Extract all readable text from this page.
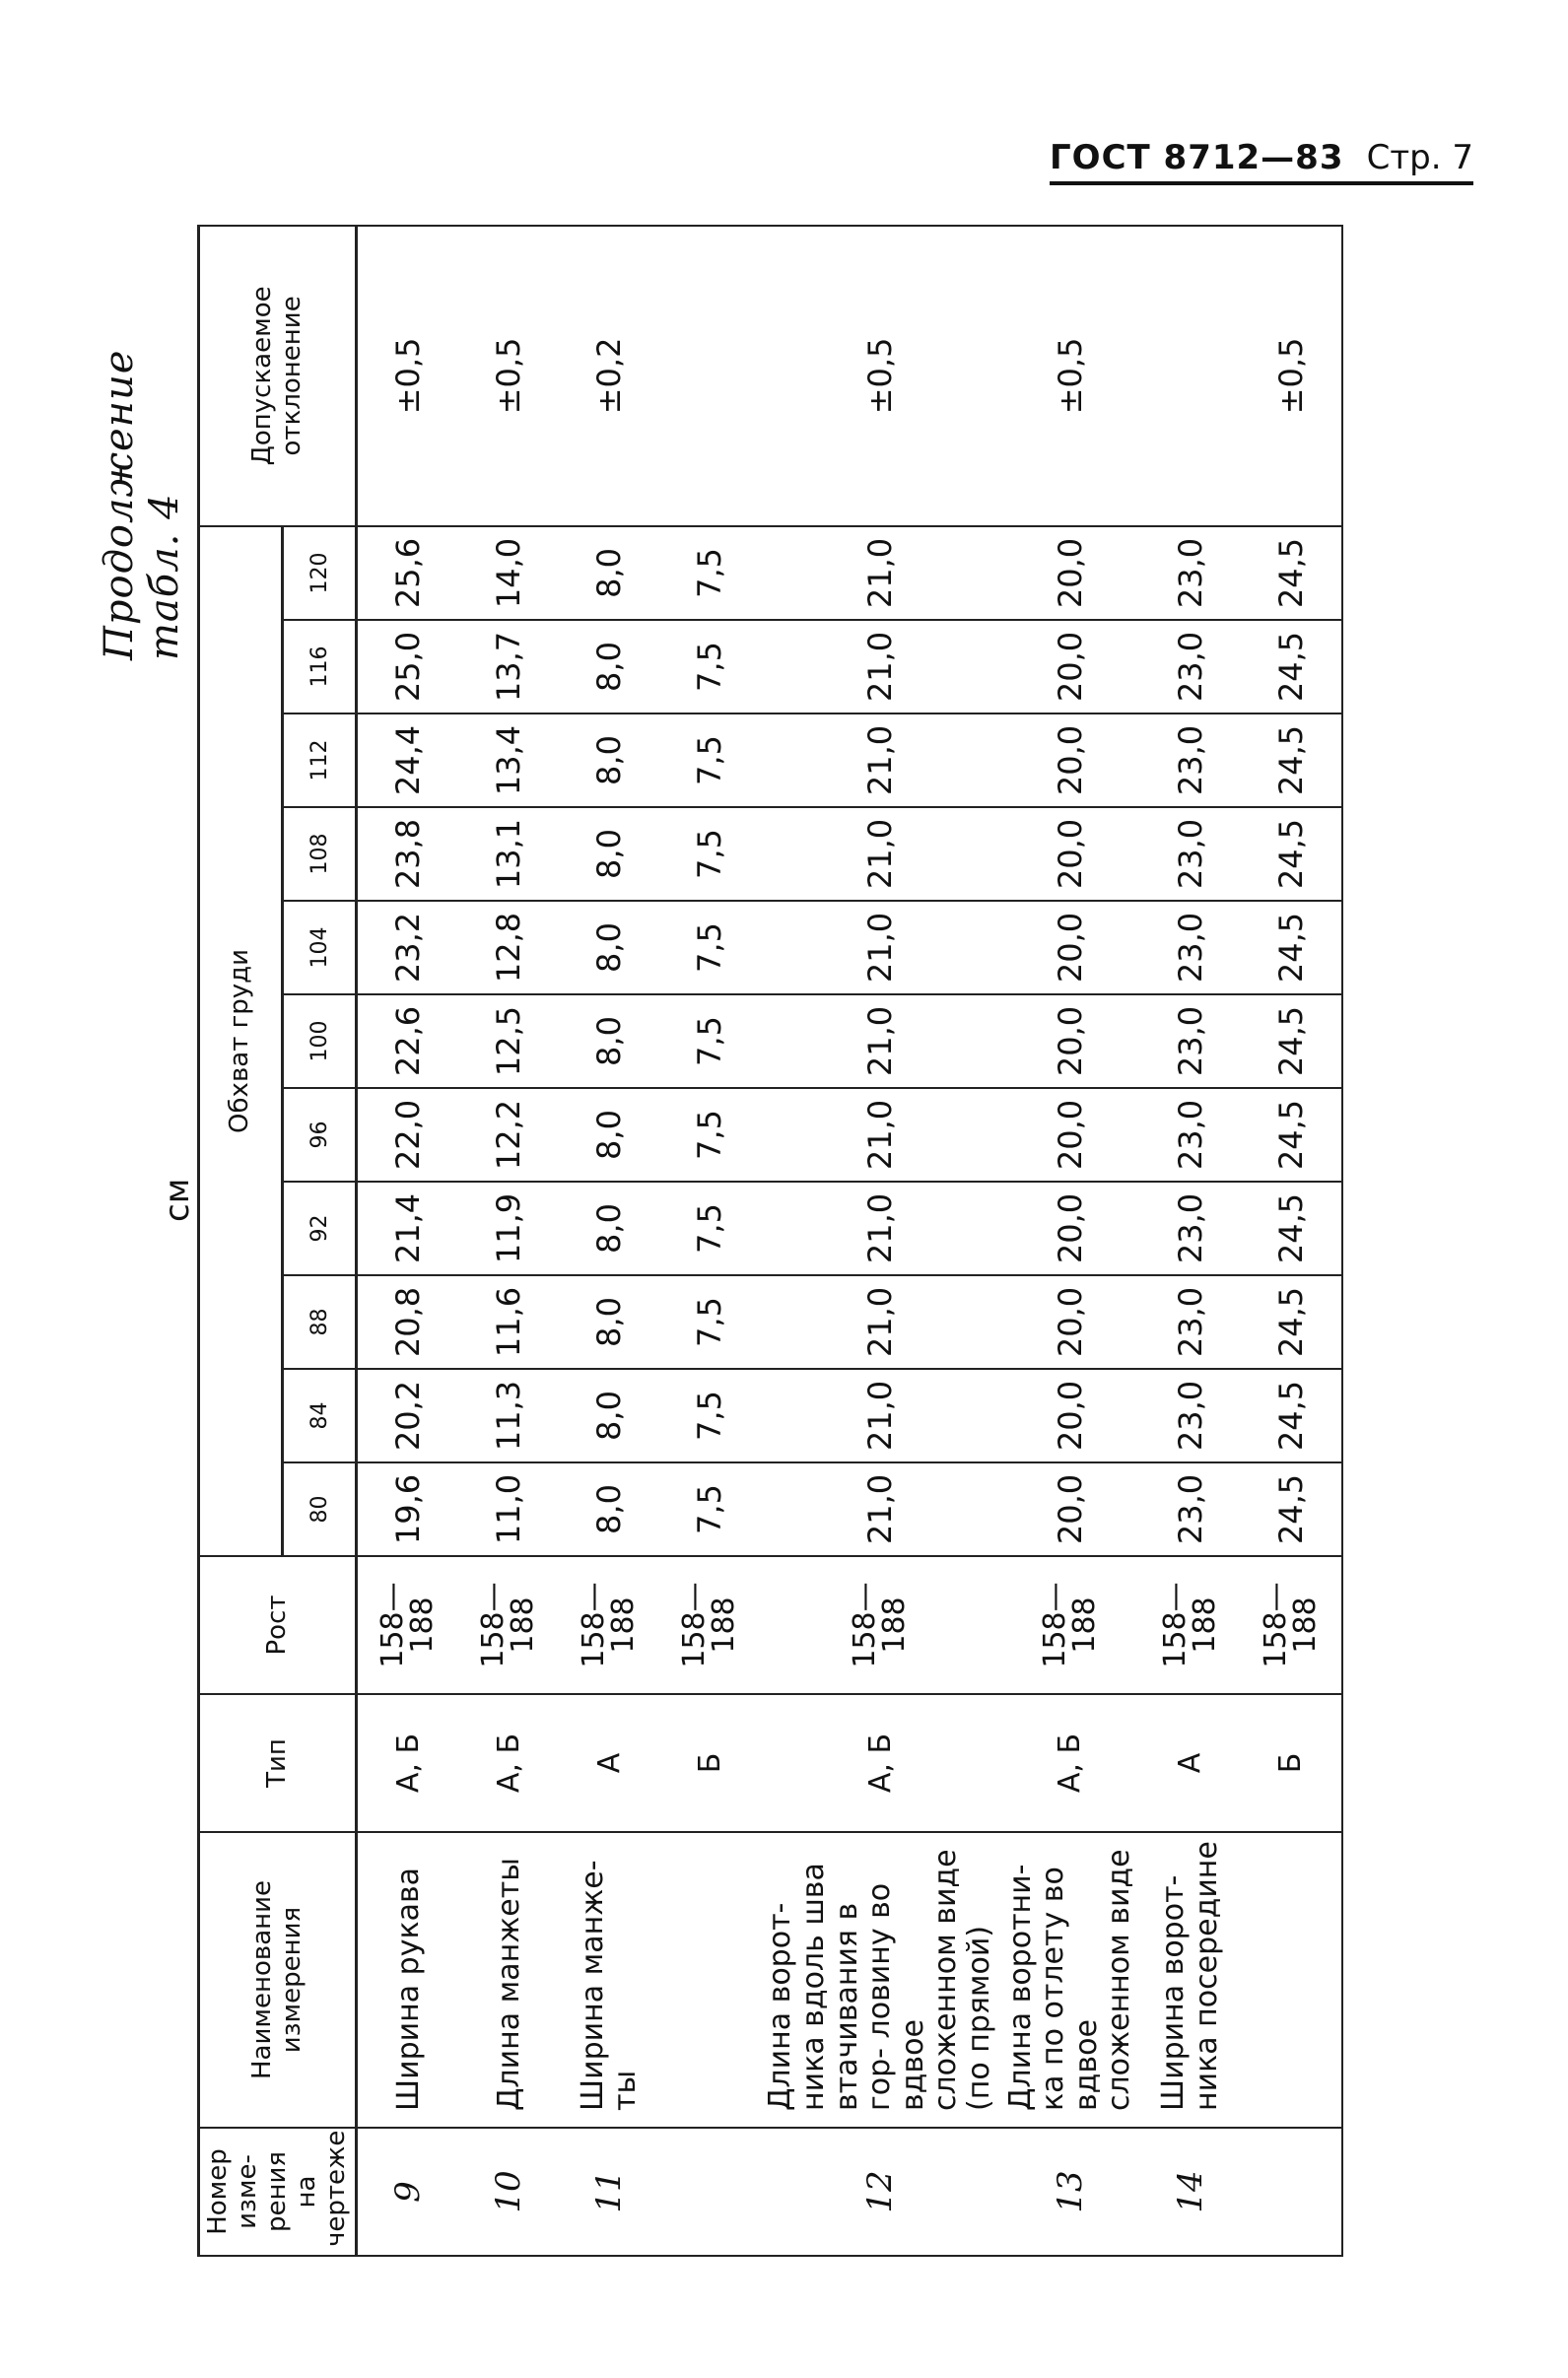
ГОСТ 8712—83 Стр. 7
Продолжение табл. 4
см
Номер изме- рения на чертеже	Наименование измерения	Тип	Рост	Обхват груди											Допускаемое отклонение
				80	84	88	92	96	100	104	108	112	116	120	
9	Ширина рукава	А, Б	158—188	19,6	20,2	20,8	21,4	22,0	22,6	23,2	23,8	24,4	25,0	25,6	±0,5
10	Длина манжеты	А, Б	158—188	11,0	11,3	11,6	11,9	12,2	12,5	12,8	13,1	13,4	13,7	14,0	±0,5
11	Ширина манже- ты	А	158—188	8,0	8,0	8,0	8,0	8,0	8,0	8,0	8,0	8,0	8,0	8,0	±0,2
		Б	158—188	7,5	7,5	7,5	7,5	7,5	7,5	7,5	7,5	7,5	7,5	7,5	
12	Длина ворот- ника вдоль шва втачивания в гор- ловину во вдвое сложенном виде (по прямой)	А, Б	158—188	21,0	21,0	21,0	21,0	21,0	21,0	21,0	21,0	21,0	21,0	21,0	±0,5
13	Длина воротни- ка по отлету во вдвое сложенном виде	А, Б	158—188	20,0	20,0	20,0	20,0	20,0	20,0	20,0	20,0	20,0	20,0	20,0	±0,5
14	Ширина ворот- ника посередине	А	158—188	23,0	23,0	23,0	23,0	23,0	23,0	23,0	23,0	23,0	23,0	23,0	
		Б	158—188	24,5	24,5	24,5	24,5	24,5	24,5	24,5	24,5	24,5	24,5	24,5	±0,5
